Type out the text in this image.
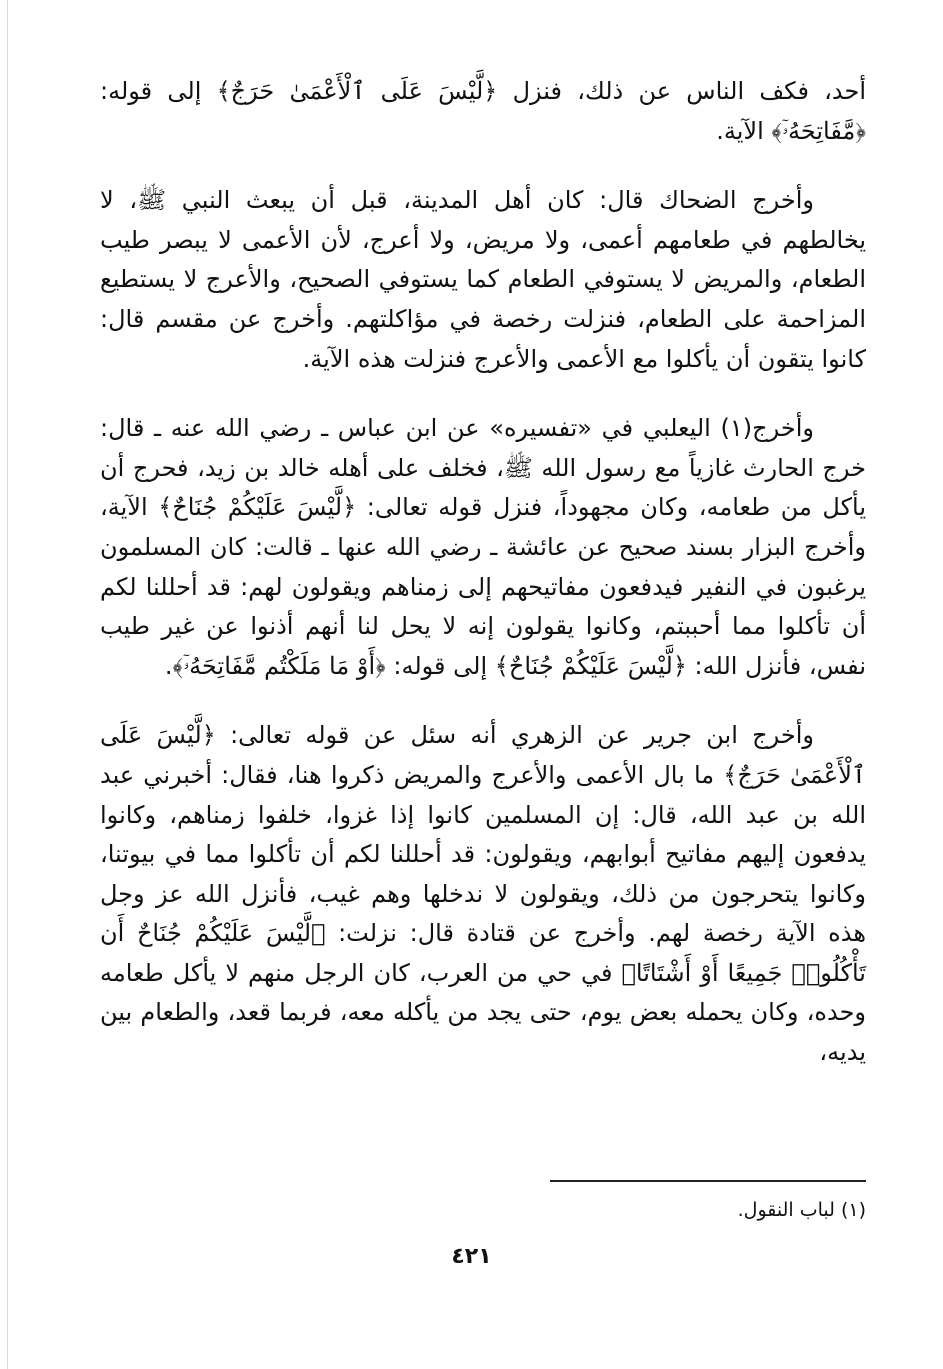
أحد، فكف الناس عن ذلك، فنزل ﴿لَّيْسَ عَلَى ٱلْأَعْمَىٰ حَرَجٌ﴾ إلى قوله: ﴿مَّفَاتِحَهُۥٓ﴾ الآية.

وأخرج الضحاك قال: كان أهل المدينة، قبل أن يبعث النبي ﷺ، لا يخالطهم في طعامهم أعمى، ولا مريض، ولا أعرج، لأن الأعمى لا يبصر طيب الطعام، والمريض لا يستوفي الطعام كما يستوفي الصحيح، والأعرج لا يستطيع المزاحمة على الطعام، فنزلت رخصة في مؤاكلتهم. وأخرج عن مقسم قال: كانوا يتقون أن يأكلوا مع الأعمى والأعرج فنزلت هذه الآية.

وأخرج(١) اليعلبي في «تفسيره» عن ابن عباس ـ رضي الله عنه ـ قال: خرج الحارث غازياً مع رسول الله ﷺ، فخلف على أهله خالد بن زيد، فحرج أن يأكل من طعامه، وكان مجهوداً، فنزل قوله تعالى: ﴿لَّيْسَ عَلَيْكُمْ جُنَاحٌ﴾ الآية، وأخرج البزار بسند صحيح عن عائشة ـ رضي الله عنها ـ قالت: كان المسلمون يرغبون في النفير فيدفعون مفاتيحهم إلى زمناهم ويقولون لهم: قد أحللنا لكم أن تأكلوا مما أحببتم، وكانوا يقولون إنه لا يحل لنا أنهم أذنوا عن غير طيب نفس، فأنزل الله: ﴿لَّيْسَ عَلَيْكُمْ جُنَاحٌ﴾ إلى قوله: ﴿أَوْ مَا مَلَكْتُم مَّفَاتِحَهُۥٓ﴾.

وأخرج ابن جرير عن الزهري أنه سئل عن قوله تعالى: ﴿لَّيْسَ عَلَى ٱلْأَعْمَىٰ حَرَجٌ﴾ ما بال الأعمى والأعرج والمريض ذكروا هنا، فقال: أخبرني عبد الله بن عبد الله، قال: إن المسلمين كانوا إذا غزوا، خلفوا زمناهم، وكانوا يدفعون إليهم مفاتيح أبوابهم، ويقولون: قد أحللنا لكم أن تأكلوا مما في بيوتنا، وكانوا يتحرجون من ذلك، ويقولون لا ندخلها وهم غيب، فأنزل الله عز وجل هذه الآية رخصة لهم. وأخرج عن قتادة قال: نزلت: ﴿لَّيْسَ عَلَيْكُمْ جُنَاحٌ أَن تَأْكُلُوا۟ جَمِيعًا أَوْ أَشْتَاتًا﴾ في حي من العرب، كان الرجل منهم لا يأكل طعامه وحده، وكان يحمله بعض يوم، حتى يجد من يأكله معه، فربما قعد، والطعام بين يديه،

(١) لباب النقول.
٤٢١
